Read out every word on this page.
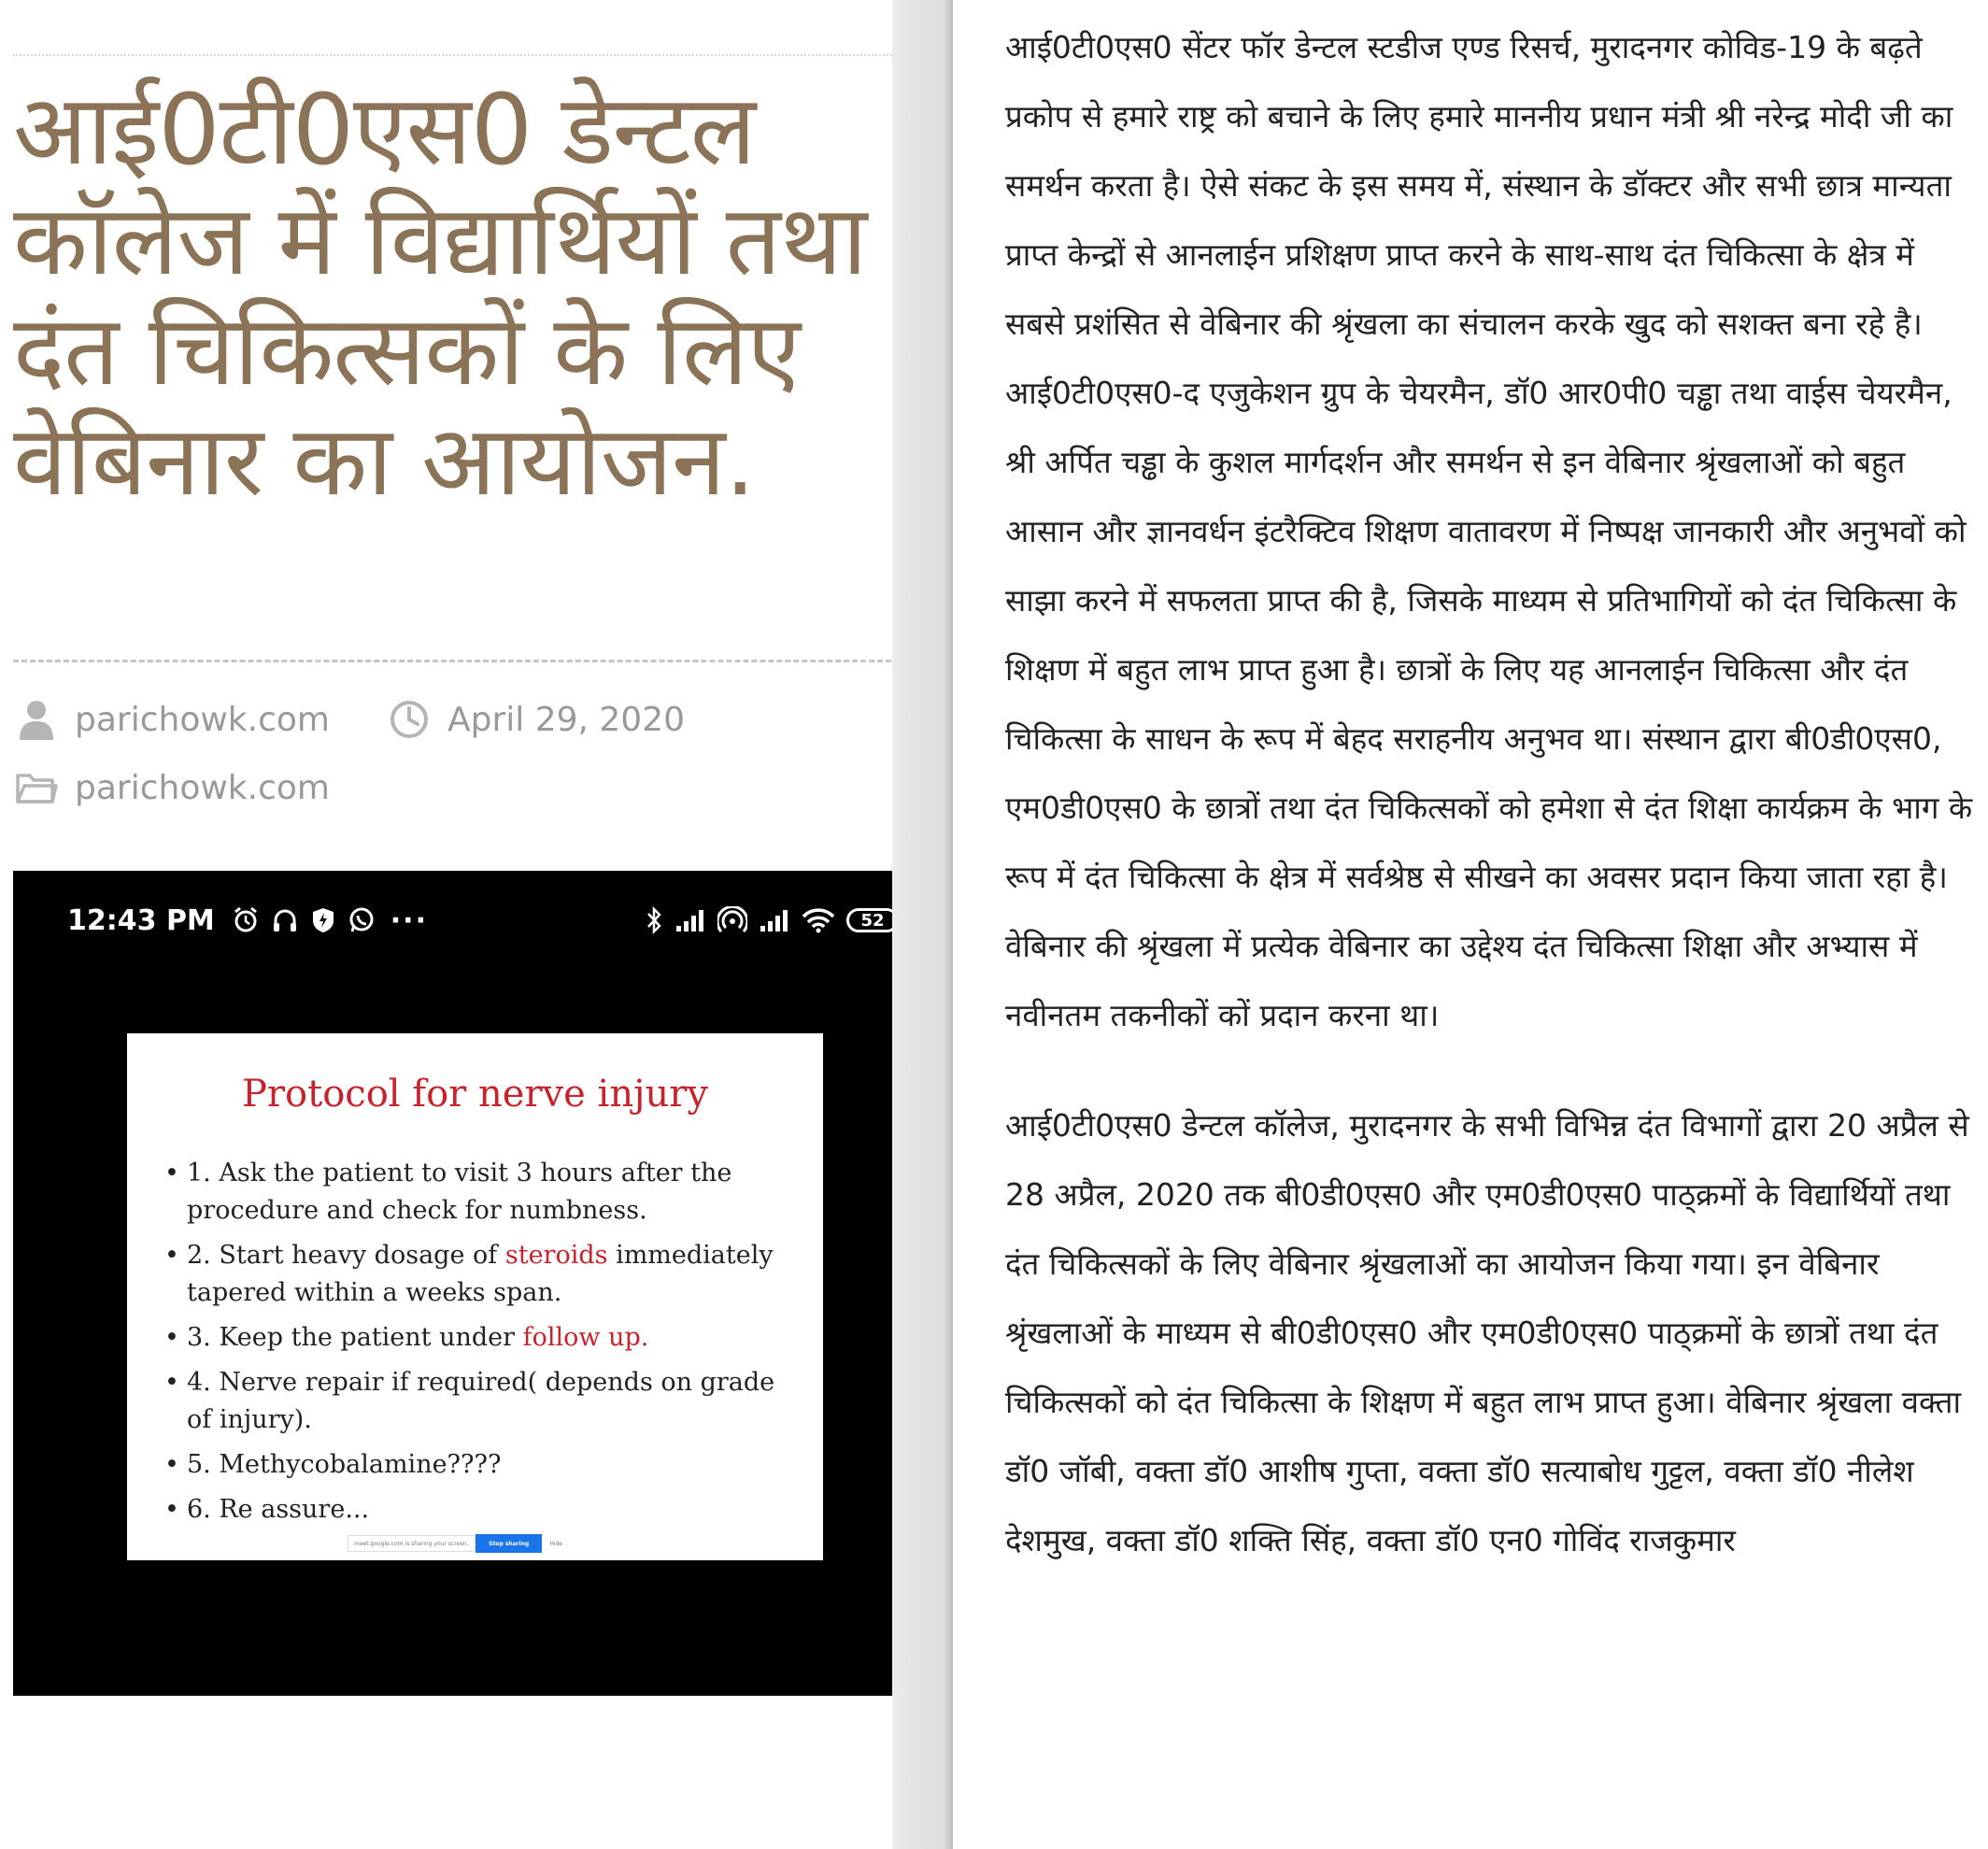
आई0टी0एस0 डेन्टल कॉलेज में विद्यार्थियों तथा दंत चिकित्सकों के लिए वेबिनार का आयोजन.
parichowk.com	April 29, 2020
parichowk.com
12:43 PM	···	52
Protocol for nerve injury
• 1. Ask the patient to visit 3 hours after the procedure and check for numbness.
• 2. Start heavy dosage of steroids immediately tapered within a weeks span.
• 3. Keep the patient under follow up.
• 4. Nerve repair if required( depends on grade of injury).
• 5. Methycobalamine????
• 6. Re assure...
meet.google.com is sharing your screen.	Stop sharing	Hide

आई0टी0एस0 सेंटर फॉर डेन्टल स्टडीज एण्ड रिसर्च, मुरादनगर कोविड-19 के बढ़ते प्रकोप से हमारे राष्ट्र को बचाने के लिए हमारे माननीय प्रधान मंत्री श्री नरेन्द्र मोदी जी का समर्थन करता है। ऐसे संकट के इस समय में, संस्थान के डॉक्टर और सभी छात्र मान्यता प्राप्त केन्द्रों से आनलाईन प्रशिक्षण प्राप्त करने के साथ-साथ दंत चिकित्सा के क्षेत्र में सबसे प्रशंसित से वेबिनार की श्रृंखला का संचालन करके खुद को सशक्त बना रहे है। आई0टी0एस0-द एजुकेशन ग्रुप के चेयरमैन, डॉ0 आर0पी0 चड्ढा तथा वाईस चेयरमैन, श्री अर्पित चड्ढा के कुशल मार्गदर्शन और समर्थन से इन वेबिनार श्रृंखलाओं को बहुत आसान और ज्ञानवर्धन इंटरैक्टिव शिक्षण वातावरण में निष्पक्ष जानकारी और अनुभवों को साझा करने में सफलता प्राप्त की है, जिसके माध्यम से प्रतिभागियों को दंत चिकित्सा के शिक्षण में बहुत लाभ प्राप्त हुआ है। छात्रों के लिए यह आनलाईन चिकित्सा और दंत चिकित्सा के साधन के रूप में बेहद सराहनीय अनुभव था। संस्थान द्वारा बी0डी0एस0, एम0डी0एस0 के छात्रों तथा दंत चिकित्सकों को हमेशा से दंत शिक्षा कार्यक्रम के भाग के रूप में दंत चिकित्सा के क्षेत्र में सर्वश्रेष्ठ से सीखने का अवसर प्रदान किया जाता रहा है। वेबिनार की श्रृंखला में प्रत्येक वेबिनार का उद्देश्य दंत चिकित्सा शिक्षा और अभ्यास में नवीनतम तकनीकों कों प्रदान करना था।

आई0टी0एस0 डेन्टल कॉलेज, मुरादनगर के सभी विभिन्न दंत विभागों द्वारा 20 अप्रैल से 28 अप्रैल, 2020 तक बी0डी0एस0 और एम0डी0एस0 पाठ्क्रमों के विद्यार्थियों तथा दंत चिकित्सकों के लिए वेबिनार श्रृंखलाओं का आयोजन किया गया। इन वेबिनार श्रृंखलाओं के माध्यम से बी0डी0एस0 और एम0डी0एस0 पाठ्क्रमों के छात्रों तथा दंत चिकित्सकों को दंत चिकित्सा के शिक्षण में बहुत लाभ प्राप्त हुआ। वेबिनार श्रृंखला वक्ता डॉ0 जॉबी, वक्ता डॉ0 आशीष गुप्ता, वक्ता डॉ0 सत्याबोध गुट्टल, वक्ता डॉ0 नीलेश देशमुख, वक्ता डॉ0 शक्ति सिंह, वक्ता डॉ0 एन0 गोविंद राजकुमार
